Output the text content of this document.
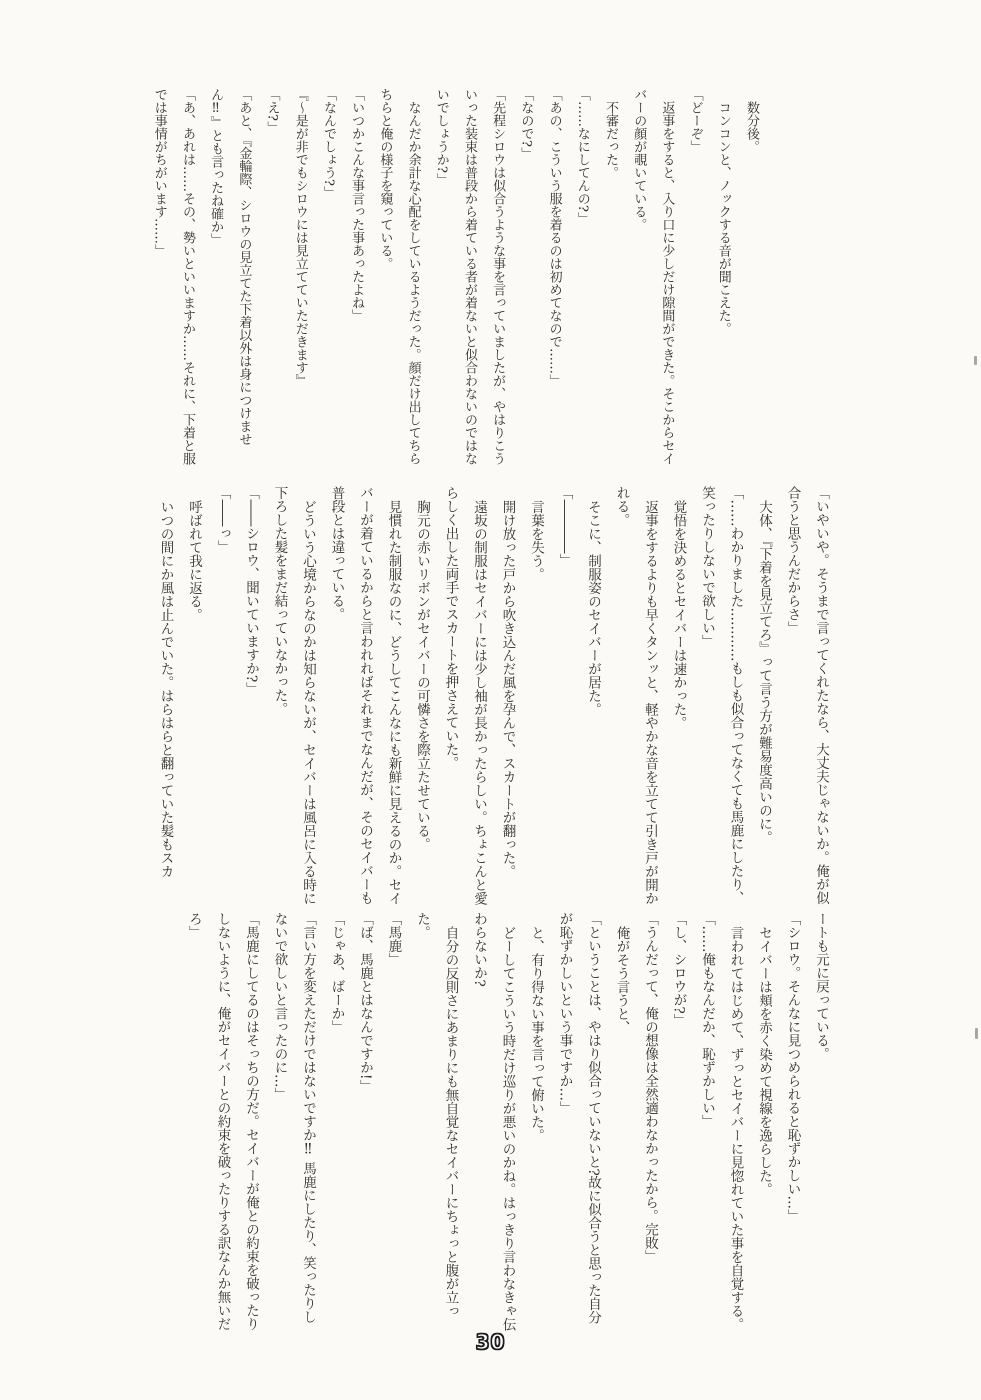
数分後。

コンコンと、ノックする音が聞こえた。

「どーぞ」

返事をすると、入り口に少しだけ隙間ができた。そこからセイバーの顔が覗いている。

不審だった。

「……なにしてんの?」

「あの、こういう服を着るのは初めてなので……」

「なので?」

「先程シロウは似合うような事を言っていましたが、やはりこういった装束は普段から着ている者が着ないと似合わないのではないでしょうか?」

なんだか余計な心配をしているようだった。顔だけ出してちらちらと俺の様子を窺っている。

「いつかこんな事言った事あったよね」

「なんでしょう?」

『〜是が非でもシロウには見立てていただきます』

「え?」

「あと、『金輪際、シロウの見立てた下着以外は身につけません‼』とも言ったね確か」

「あ、あれは……その、勢いといいますか……それに、下着と服では事情がちがいます……」

「いやいや。そうまで言ってくれたなら、大丈夫じゃないか。俺が似合うと思うんだからさ」

大体、『下着を見立てろ』って言う方が難易度高いのに。

「……わかりました…………もしも似合ってなくても馬鹿にしたり、笑ったりしないで欲しい」

覚悟を決めるとセイバーは速かった。

返事をするよりも早くタンッと、軽やかな音を立てて引き戸が開かれる。

そこに、制服姿のセイバーが居た。

「――――」

言葉を失う。

開け放った戸から吹き込んだ風を孕んで、スカートが翻った。

遠坂の制服はセイバーには少し袖が長かったらしい。ちょこんと愛らしく出した両手でスカートを押さえていた。

胸元の赤いリボンがセイバーの可憐さを際立たせている。

見慣れた制服なのに、どうしてこんなにも新鮮に見えるのか。セイバーが着ているからと言われればそれまでなんだが、そのセイバーも普段とは違っている。

どういう心境からなのかは知らないが、セイバーは風呂に入る時に下ろした髪をまだ結っていなかった。

「――シロウ、聞いていますか?」

「――っ」

呼ばれて我に返る。

いつの間にか風は止んでいた。はらはらと翻っていた髪もスカ

ートも元に戻っている。

「シロウ。そんなに見つめられると恥ずかしい…」

セイバーは頬を赤く染めて視線を逸らした。

言われてはじめて、ずっとセイバーに見惚れていた事を自覚する。

「……俺もなんだか、恥ずかしい」

「し、シロウが?」

「うんだって、俺の想像は全然適わなかったから。完敗」

俺がそう言うと、

「ということは、やはり似合っていないと?故に似合うと思った自分が恥ずかしいという事ですか…」

と、有り得ない事を言って俯いた。

どーしてこういう時だけ巡りが悪いのかね。はっきり言わなきゃ伝わらないか?

自分の反則さにあまりにも無自覚なセイバーにちょっと腹が立った。

「馬鹿」

「ば、馬鹿とはなんですか!」

「じゃあ、ばーか」

「言い方を変えただけではないですか‼ 馬鹿にしたり、笑ったりしないで欲しいと言ったのに…」

「馬鹿にしてるのはそっちの方だ。セイバーが俺との約束を破ったりしないように、俺がセイバーとの約束を破ったりする訳なんか無いだろ」

30
